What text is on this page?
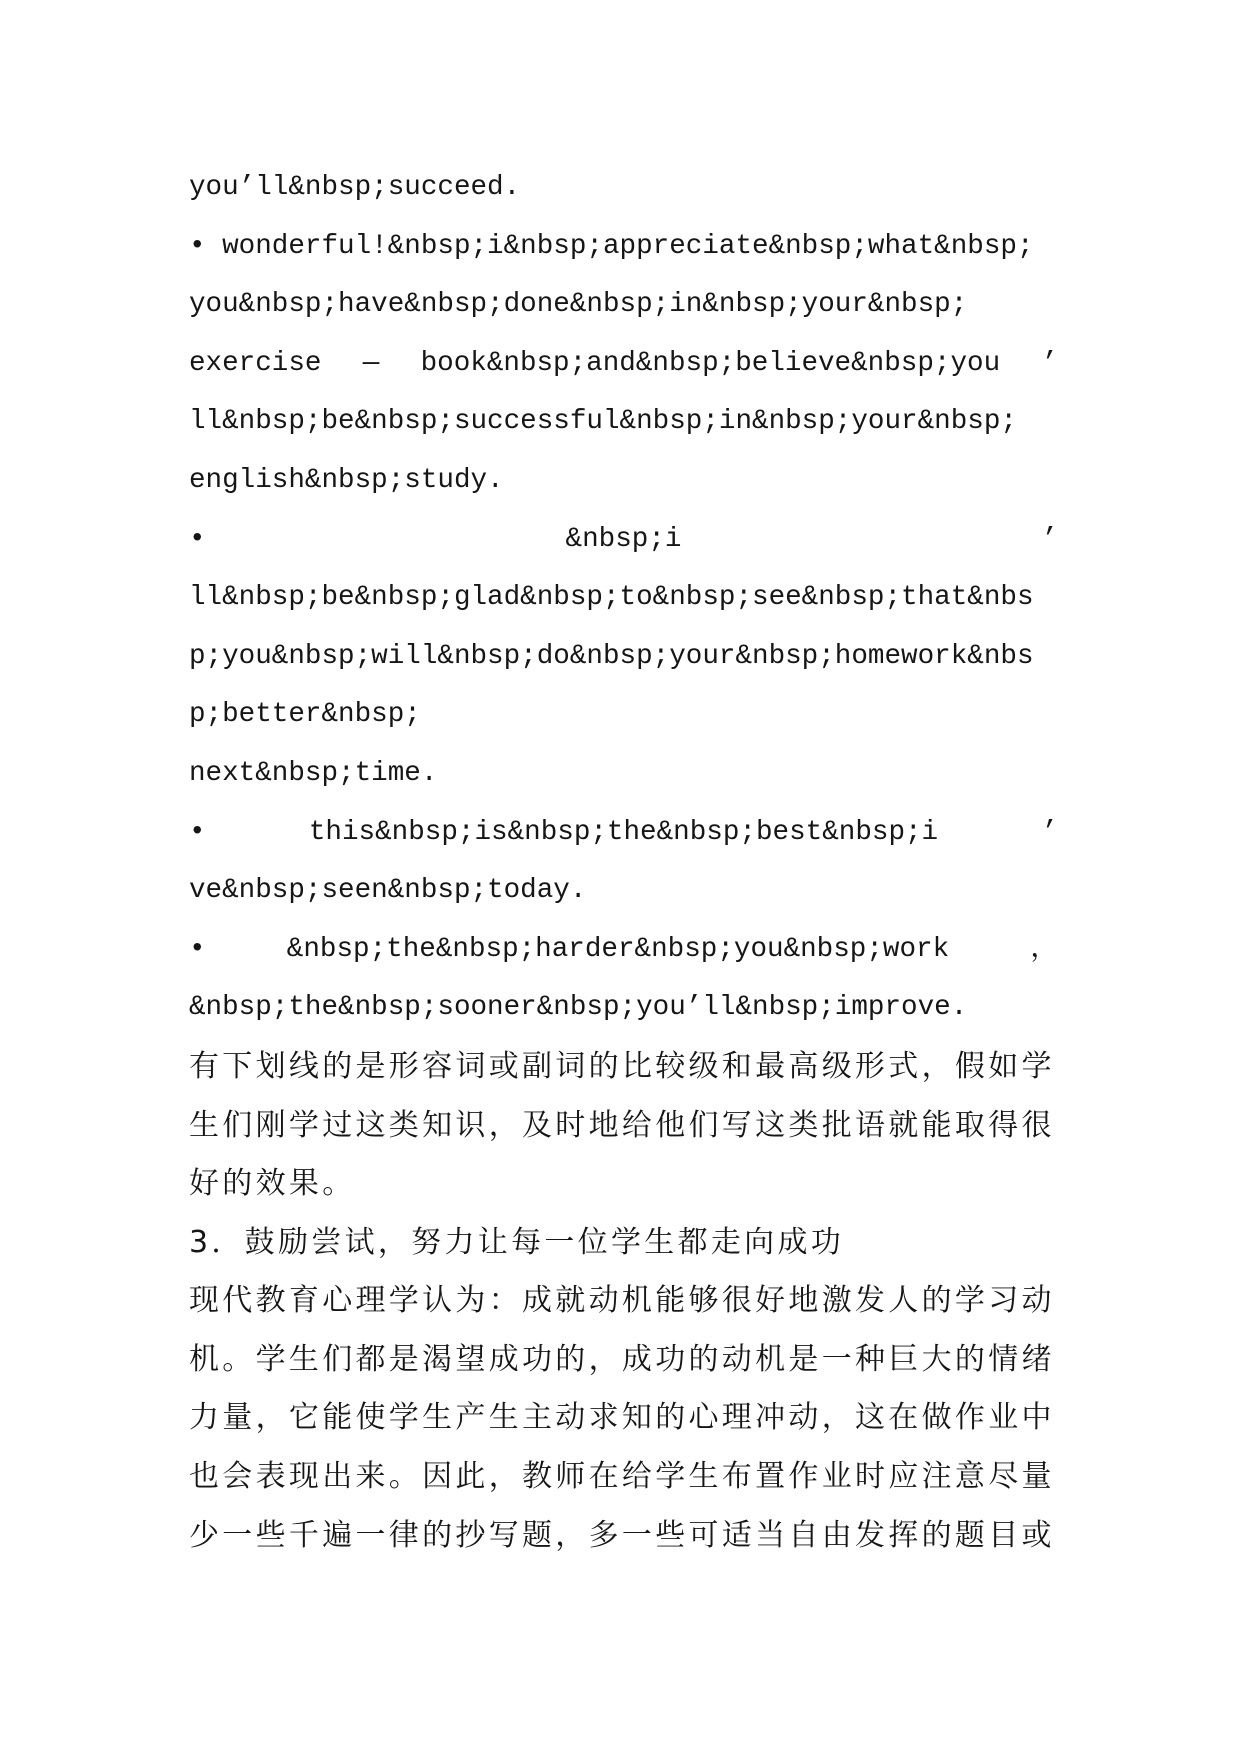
you’ll&nbsp;succeed.
• wonderful!&nbsp;i&nbsp;appreciate&nbsp;what&nbsp;
you&nbsp;have&nbsp;done&nbsp;in&nbsp;your&nbsp;
exercise — book&nbsp;and&nbsp;believe&nbsp;you ’
ll&nbsp;be&nbsp;successful&nbsp;in&nbsp;your&nbsp;
english&nbsp;study.
• &nbsp;i ’
ll&nbsp;be&nbsp;glad&nbsp;to&nbsp;see&nbsp;that&nbs
p;you&nbsp;will&nbsp;do&nbsp;your&nbsp;homework&nbs
p;better&nbsp;
next&nbsp;time.
• this&nbsp;is&nbsp;the&nbsp;best&nbsp;i ’
ve&nbsp;seen&nbsp;today.
• &nbsp;the&nbsp;harder&nbsp;you&nbsp;work ，
&nbsp;the&nbsp;sooner&nbsp;you’ll&nbsp;improve.
有下划线的是形容词或副词的比较级和最高级形式，假如学
生们刚学过这类知识，及时地给他们写这类批语就能取得很
好的效果。
3．鼓励尝试，努力让每一位学生都走向成功
现代教育心理学认为：成就动机能够很好地激发人的学习动
机。学生们都是渴望成功的，成功的动机是一种巨大的情绪
力量，它能使学生产生主动求知的心理冲动，这在做作业中
也会表现出来。因此，教师在给学生布置作业时应注意尽量
少一些千遍一律的抄写题，多一些可适当自由发挥的题目或
